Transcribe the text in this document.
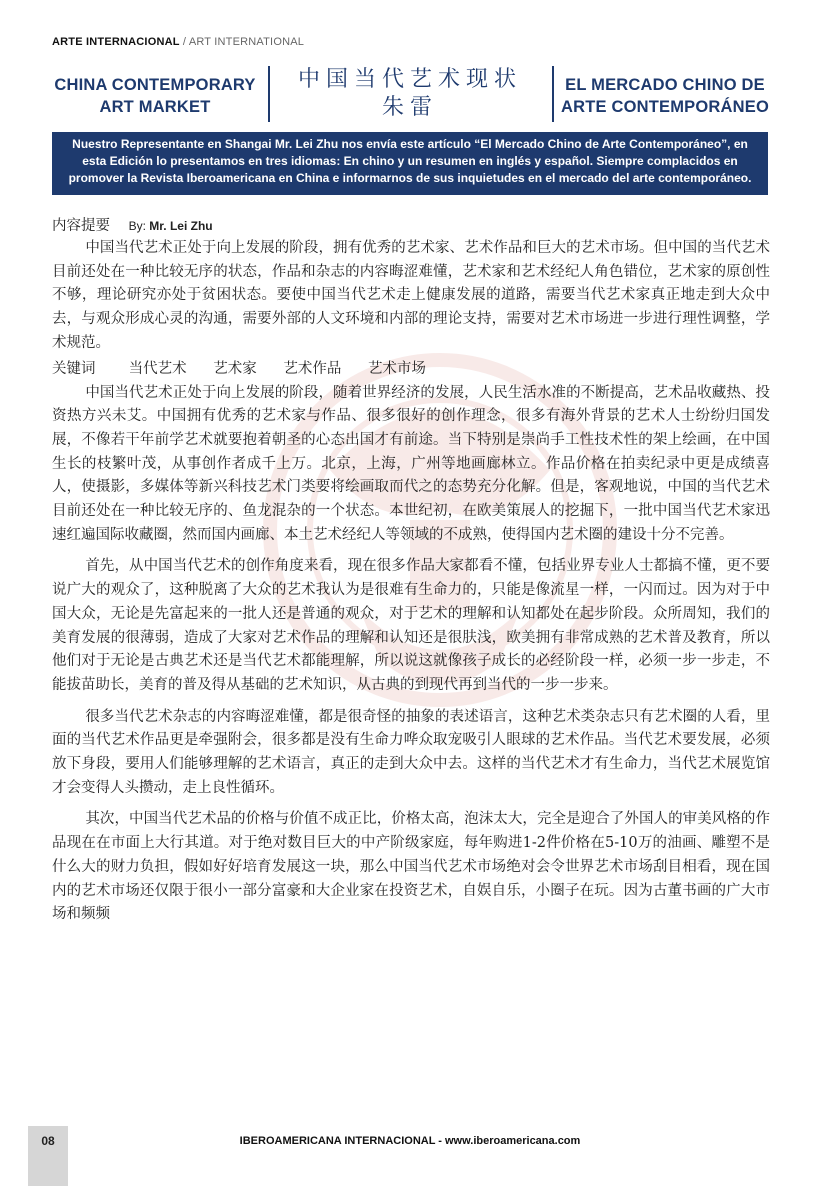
ARTE INTERNACIONAL / ART INTERNATIONAL
CHINA CONTEMPORARY
ART MARKET
中国当代艺术现状
朱雷
EL MERCADO CHINO DE
ARTE CONTEMPORÁNEO
Nuestro Representante en Shangai Mr. Lei Zhu nos envía este artículo “El Mercado Chino de Arte Contemporáneo”, en esta Edición lo presentamos en tres idiomas: En chino y un resumen en inglés y español. Siempre complacidos en promover la Revista Iberoamericana en China e informarnos de sus inquietudes en el mercado del arte contemporáneo.
内容提要 By: Mr. Lei Zhu

中国当代艺术正处于向上发展的阶段，拥有优秀的艺术家、艺术作品和巨大的艺术市场。但中国的当代艺术目前还处在一种比较无序的状态，作品和杂志的内容晦涩难懂，艺术家和艺术经纪人角色错位，艺术家的原创性不够，理论研究亦处于贫困状态。要使中国当代艺术走上健康发展的道路，需要当代艺术家真正地走到大众中去，与观众形成心灵的沟通，需要外部的人文环境和内部的理论支持，需要对艺术市场进一步进行理性调整，学术规范。

关键词 当代艺术 艺术家 艺术作品 艺术市场

中国当代艺术正处于向上发展的阶段，随着世界经济的发展，人民生活水准的不断提高，艺术品收藏热、投资热方兴未艾。中国拥有优秀的艺术家与作品、很多很好的创作理念，很多有海外背景的艺术人士纷纷归国发展，不像若干年前学艺术就要抱着朝圣的心态出国才有前途。当下特别是崇尚手工性技术性的架上绘画，在中国生长的枝繁叶茂，从事创作者成千上万。北京，上海，广州等地画廊林立。作品价格在拍卖纪录中更是成绩喜人，使摄影，多媒体等新兴科技艺术门类要将绘画取而代之的态势充分化解。但是，客观地说，中国的当代艺术目前还处在一种比较无序的、鱼龙混杂的一个状态。本世纪初，在欧美策展人的挖掘下，一批中国当代艺术家迅速红遍国际收藏圈，然而国内画廊、本土艺术经纪人等领域的不成熟，使得国内艺术圈的建设十分不完善。

首先，从中国当代艺术的创作角度来看，现在很多作品大家都看不懂，包括业界专业人士都搞不懂，更不要说广大的观众了，这种脱离了大众的艺术我认为是很难有生命力的，只能是像流星一样，一闪而过。因为对于中国大众，无论是先富起来的一批人还是普通的观众，对于艺术的理解和认知都处在起步阶段。众所周知，我们的美育发展的很薄弱，造成了大家对艺术作品的理解和认知还是很肤浅，欧美拥有非常成熟的艺术普及教育，所以他们对于无论是古典艺术还是当代艺术都能理解，所以说这就像孩子成长的必经阶段一样，必须一步一步走，不能拔苗助长，美育的普及得从基础的艺术知识，从古典的到现代再到当代的一步一步来。

很多当代艺术杂志的内容晦涩难懂，都是很奇怪的抽象的表述语言，这种艺术类杂志只有艺术圈的人看，里面的当代艺术作品更是牵强附会，很多都是没有生命力哗众取宠吸引人眼球的艺术作品。当代艺术要发展，必须放下身段，要用人们能够理解的艺术语言，真正的走到大众中去。这样的当代艺术才有生命力，当代艺术展览馆才会变得人头攒动，走上良性循环。

其次，中国当代艺术品的价格与价值不成正比，价格太高，泡沫太大，完全是迎合了外国人的审美风格的作品现在在市面上大行其道。对于绝对数目巨大的中产阶级家庭，每年购进1-2件价格在5-10万的油画、雕塑不是什么大的财力负担，假如好好培育发展这一块，那么中国当代艺术市场绝对会令世界艺术市场刮目相看，现在国内的艺术市场还仅限于很小一部分富豪和大企业家在投资艺术，自娱自乐，小圈子在玩。因为古董书画的广大市场和频频

08	IBEROAMERICANA INTERNACIONAL - www.iberoamericana.com
